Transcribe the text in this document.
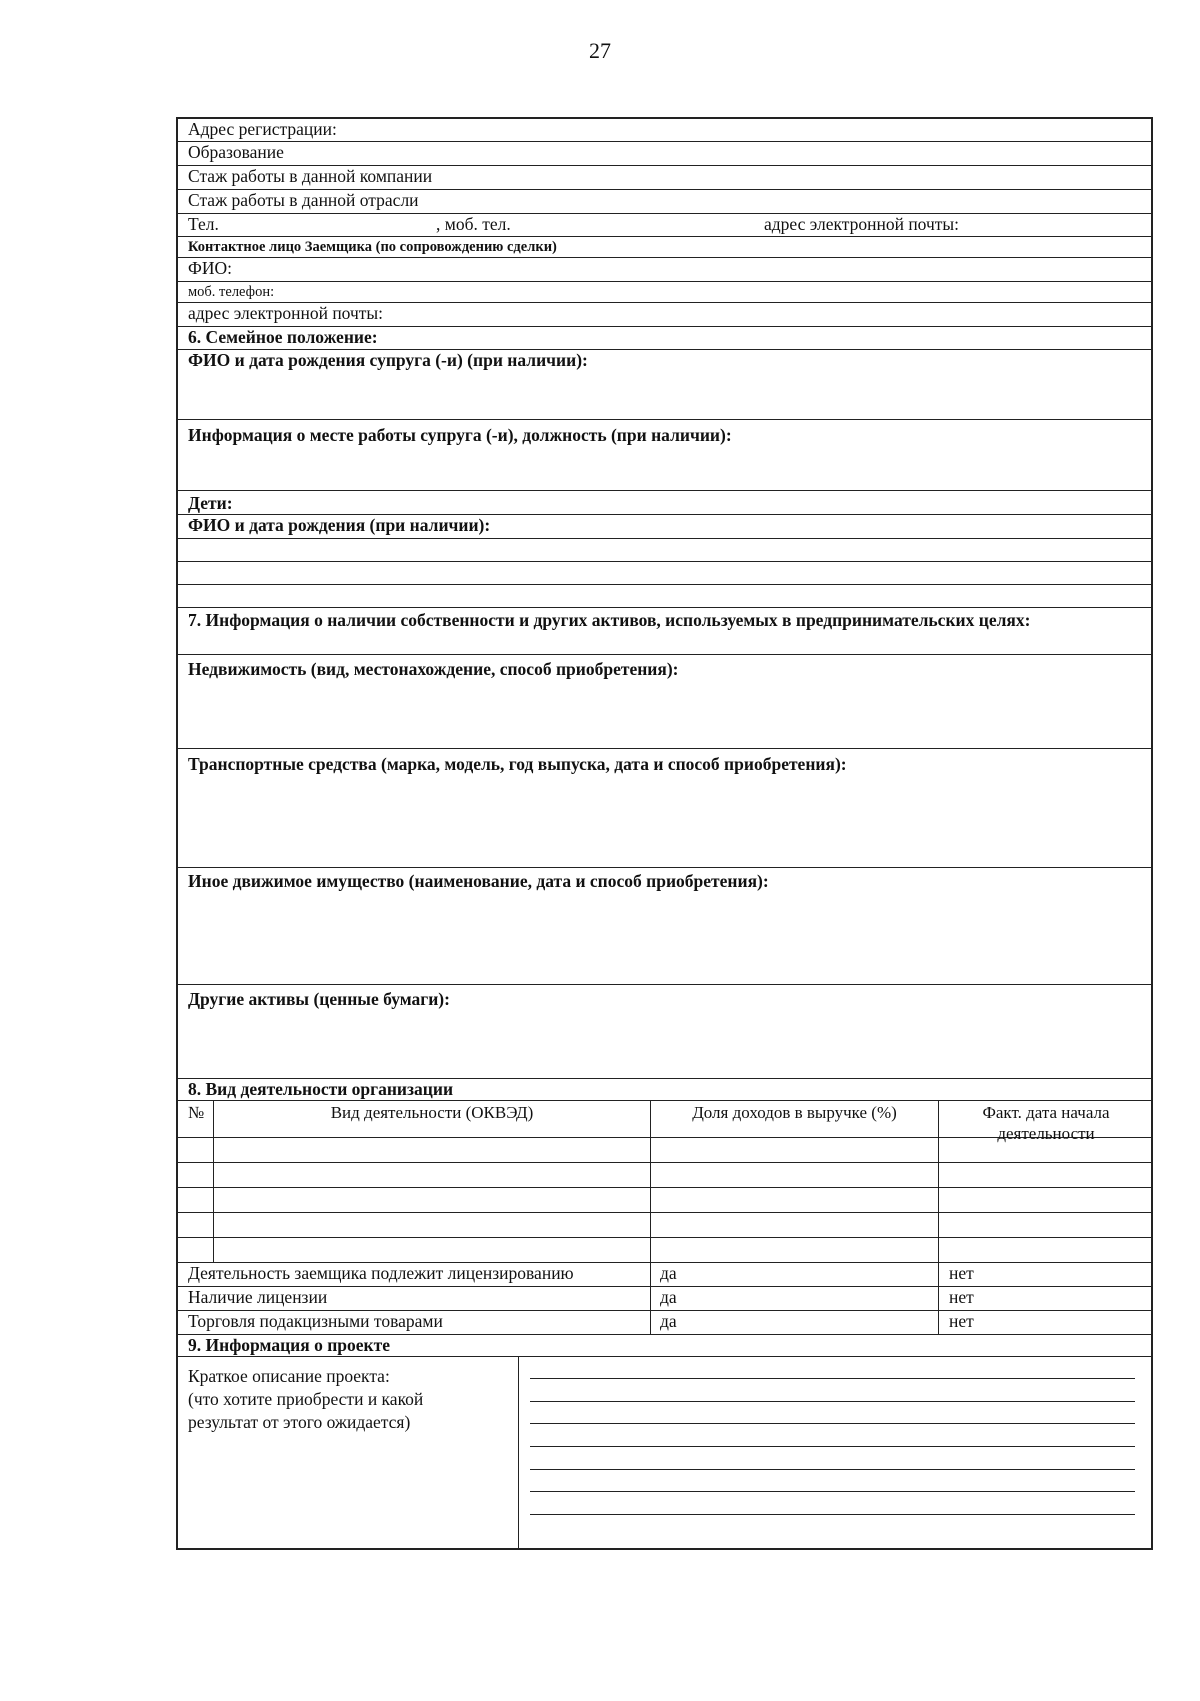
27
Адрес регистрации:
Образование
Стаж работы в данной компании
Стаж работы в данной отрасли
Тел.	, моб. тел.	адрес электронной почты:
Контактное лицо Заемщика (по сопровождению сделки)
ФИО:
моб. телефон:
адрес электронной почты:
6. Семейное положение:
ФИО и дата рождения супруга (-и) (при наличии):
Информация о месте работы супруга (-и), должность (при наличии):
Дети:
ФИО и дата рождения (при наличии):
7. Информация о наличии собственности и других активов, используемых в предпринимательских целях:
Недвижимость (вид, местонахождение, способ приобретения):
Транспортные средства (марка, модель, год выпуска, дата и способ приобретения):
Иное движимое имущество (наименование, дата и способ приобретения):
Другие активы (ценные бумаги):
8. Вид деятельности организации
№	Вид деятельности (ОКВЭД)	Доля доходов в выручке (%)	Факт. дата начала деятельности
Деятельность заемщика подлежит лицензированию	да	нет
Наличие лицензии	да	нет
Торговля подакцизными товарами	да	нет
9. Информация о проекте
Краткое описание проекта:
(что хотите приобрести и какой
результат от этого ожидается)
